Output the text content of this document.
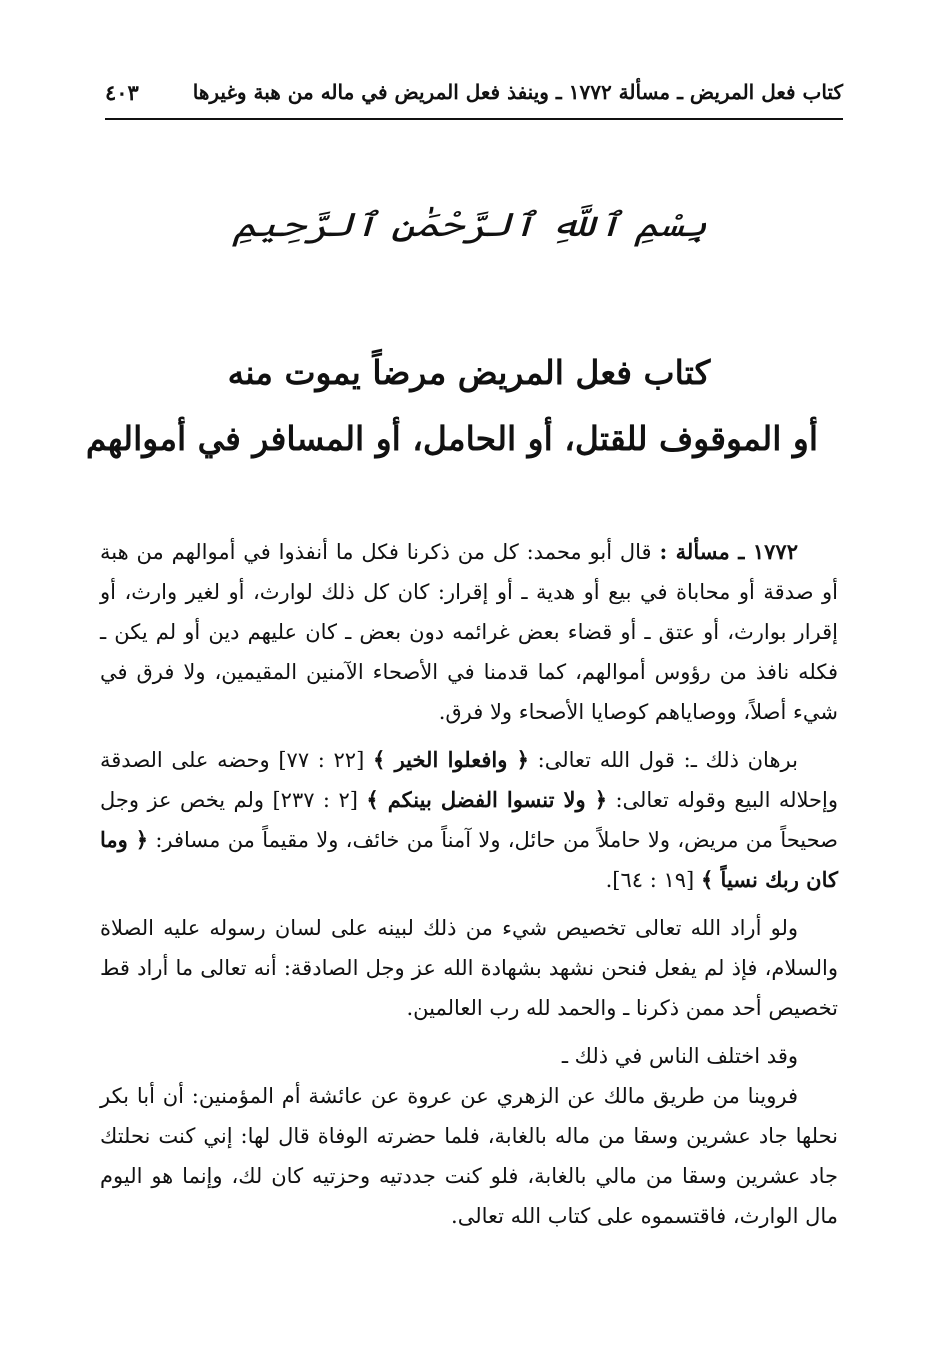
كتاب فعل المريض ـ مسألة ١٧٧٢ ـ وينفذ فعل المريض في ماله من هبة وغيرها
٤٠٣
بِسْمِ ٱللَّهِ ٱلرَّحْمَٰنِ ٱلرَّحِيمِ
كتاب فعل المريض مرضاً يموت منه
أو الموقوف للقتل، أو الحامل، أو المسافر في أموالهم

١٧٧٢ ـ مسألة : قال أبو محمد: كل من ذكرنا فكل ما أنفذوا في أموالهم من هبة أو صدقة أو محاباة في بيع أو هدية ـ أو إقرار: كان كل ذلك لوارث، أو لغير وارث، أو إقرار بوارث، أو عتق ـ أو قضاء بعض غرائمه دون بعض ـ كان عليهم دين أو لم يكن ـ فكله نافذ من رؤوس أموالهم، كما قدمنا في الأصحاء الآمنين المقيمين، ولا فرق في شيء أصلاً، ووصاياهم كوصايا الأصحاء ولا فرق.

برهان ذلك ـ: قول الله تعالى: ﴿ وافعلوا الخير ﴾ [٢٢ : ٧٧] وحضه على الصدقة وإحلاله البيع وقوله تعالى: ﴿ ولا تنسوا الفضل بينكم ﴾ [٢ : ٢٣٧] ولم يخص عز وجل صحيحاً من مريض، ولا حاملاً من حائل، ولا آمناً من خائف، ولا مقيماً من مسافر: ﴿ وما كان ربك نسياً ﴾ [١٩ : ٦٤].

ولو أراد الله تعالى تخصيص شيء من ذلك لبينه على لسان رسوله عليه الصلاة والسلام، فإذ لم يفعل فنحن نشهد بشهادة الله عز وجل الصادقة: أنه تعالى ما أراد قط تخصيص أحد ممن ذكرنا ـ والحمد لله رب العالمين.

وقد اختلف الناس في ذلك ـ

فروينا من طريق مالك عن الزهري عن عروة عن عائشة أم المؤمنين: أن أبا بكر نحلها جاد عشرين وسقا من ماله بالغابة، فلما حضرته الوفاة قال لها: إني كنت نحلتك جاد عشرين وسقا من مالي بالغابة، فلو كنت جددتيه وحزتيه كان لك، وإنما هو اليوم مال الوارث، فاقتسموه على كتاب الله تعالى.
